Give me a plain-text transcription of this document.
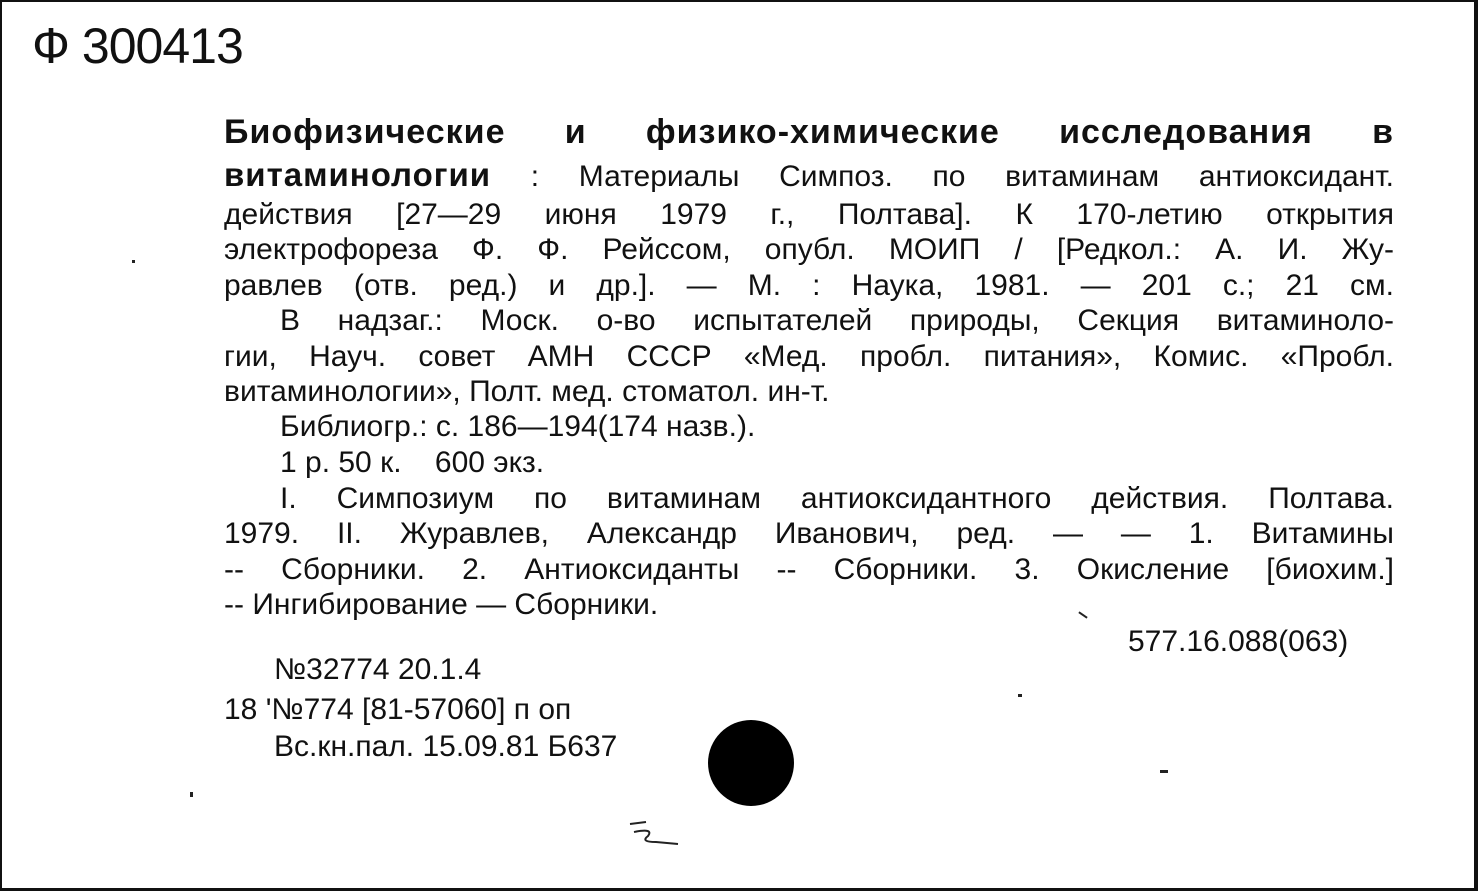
Ф 300413
Биофизические и физико-химические исследования в
витаминологии : Материалы Симпоз. по витаминам антиоксидант.
действия [27—29 июня 1979 г., Полтава]. К 170-летию открытия
электрофореза Ф. Ф. Рейссом, опубл. МОИП / [Редкол.: А. И. Жу-
равлев (отв. ред.) и др.]. — М. : Наука, 1981. — 201 с.; 21 см.
В надзаг.: Моск. о-во испытателей природы, Секция витаминоло-
гии, Науч. совет АМН СССР «Мед. пробл. питания», Комис. «Пробл.
витаминологии», Полт. мед. стоматол. ин-т.
Библиогр.: с. 186—194(174 назв.).
1 р. 50 к.    600 экз.
I. Симпозиум по витаминам антиоксидантного действия. Полтава.
1979. II. Журавлев, Александр Иванович, ред. — — 1. Витамины
-- Сборники. 2. Антиоксиданты -- Сборники. 3. Окисление [биохим.]
-- Ингибирование — Сборники.
577.16.088(063)
№32774 20.1.4
18 '№774 [81-57060] п оп
Вс.кн.пал. 15.09.81 Б637
